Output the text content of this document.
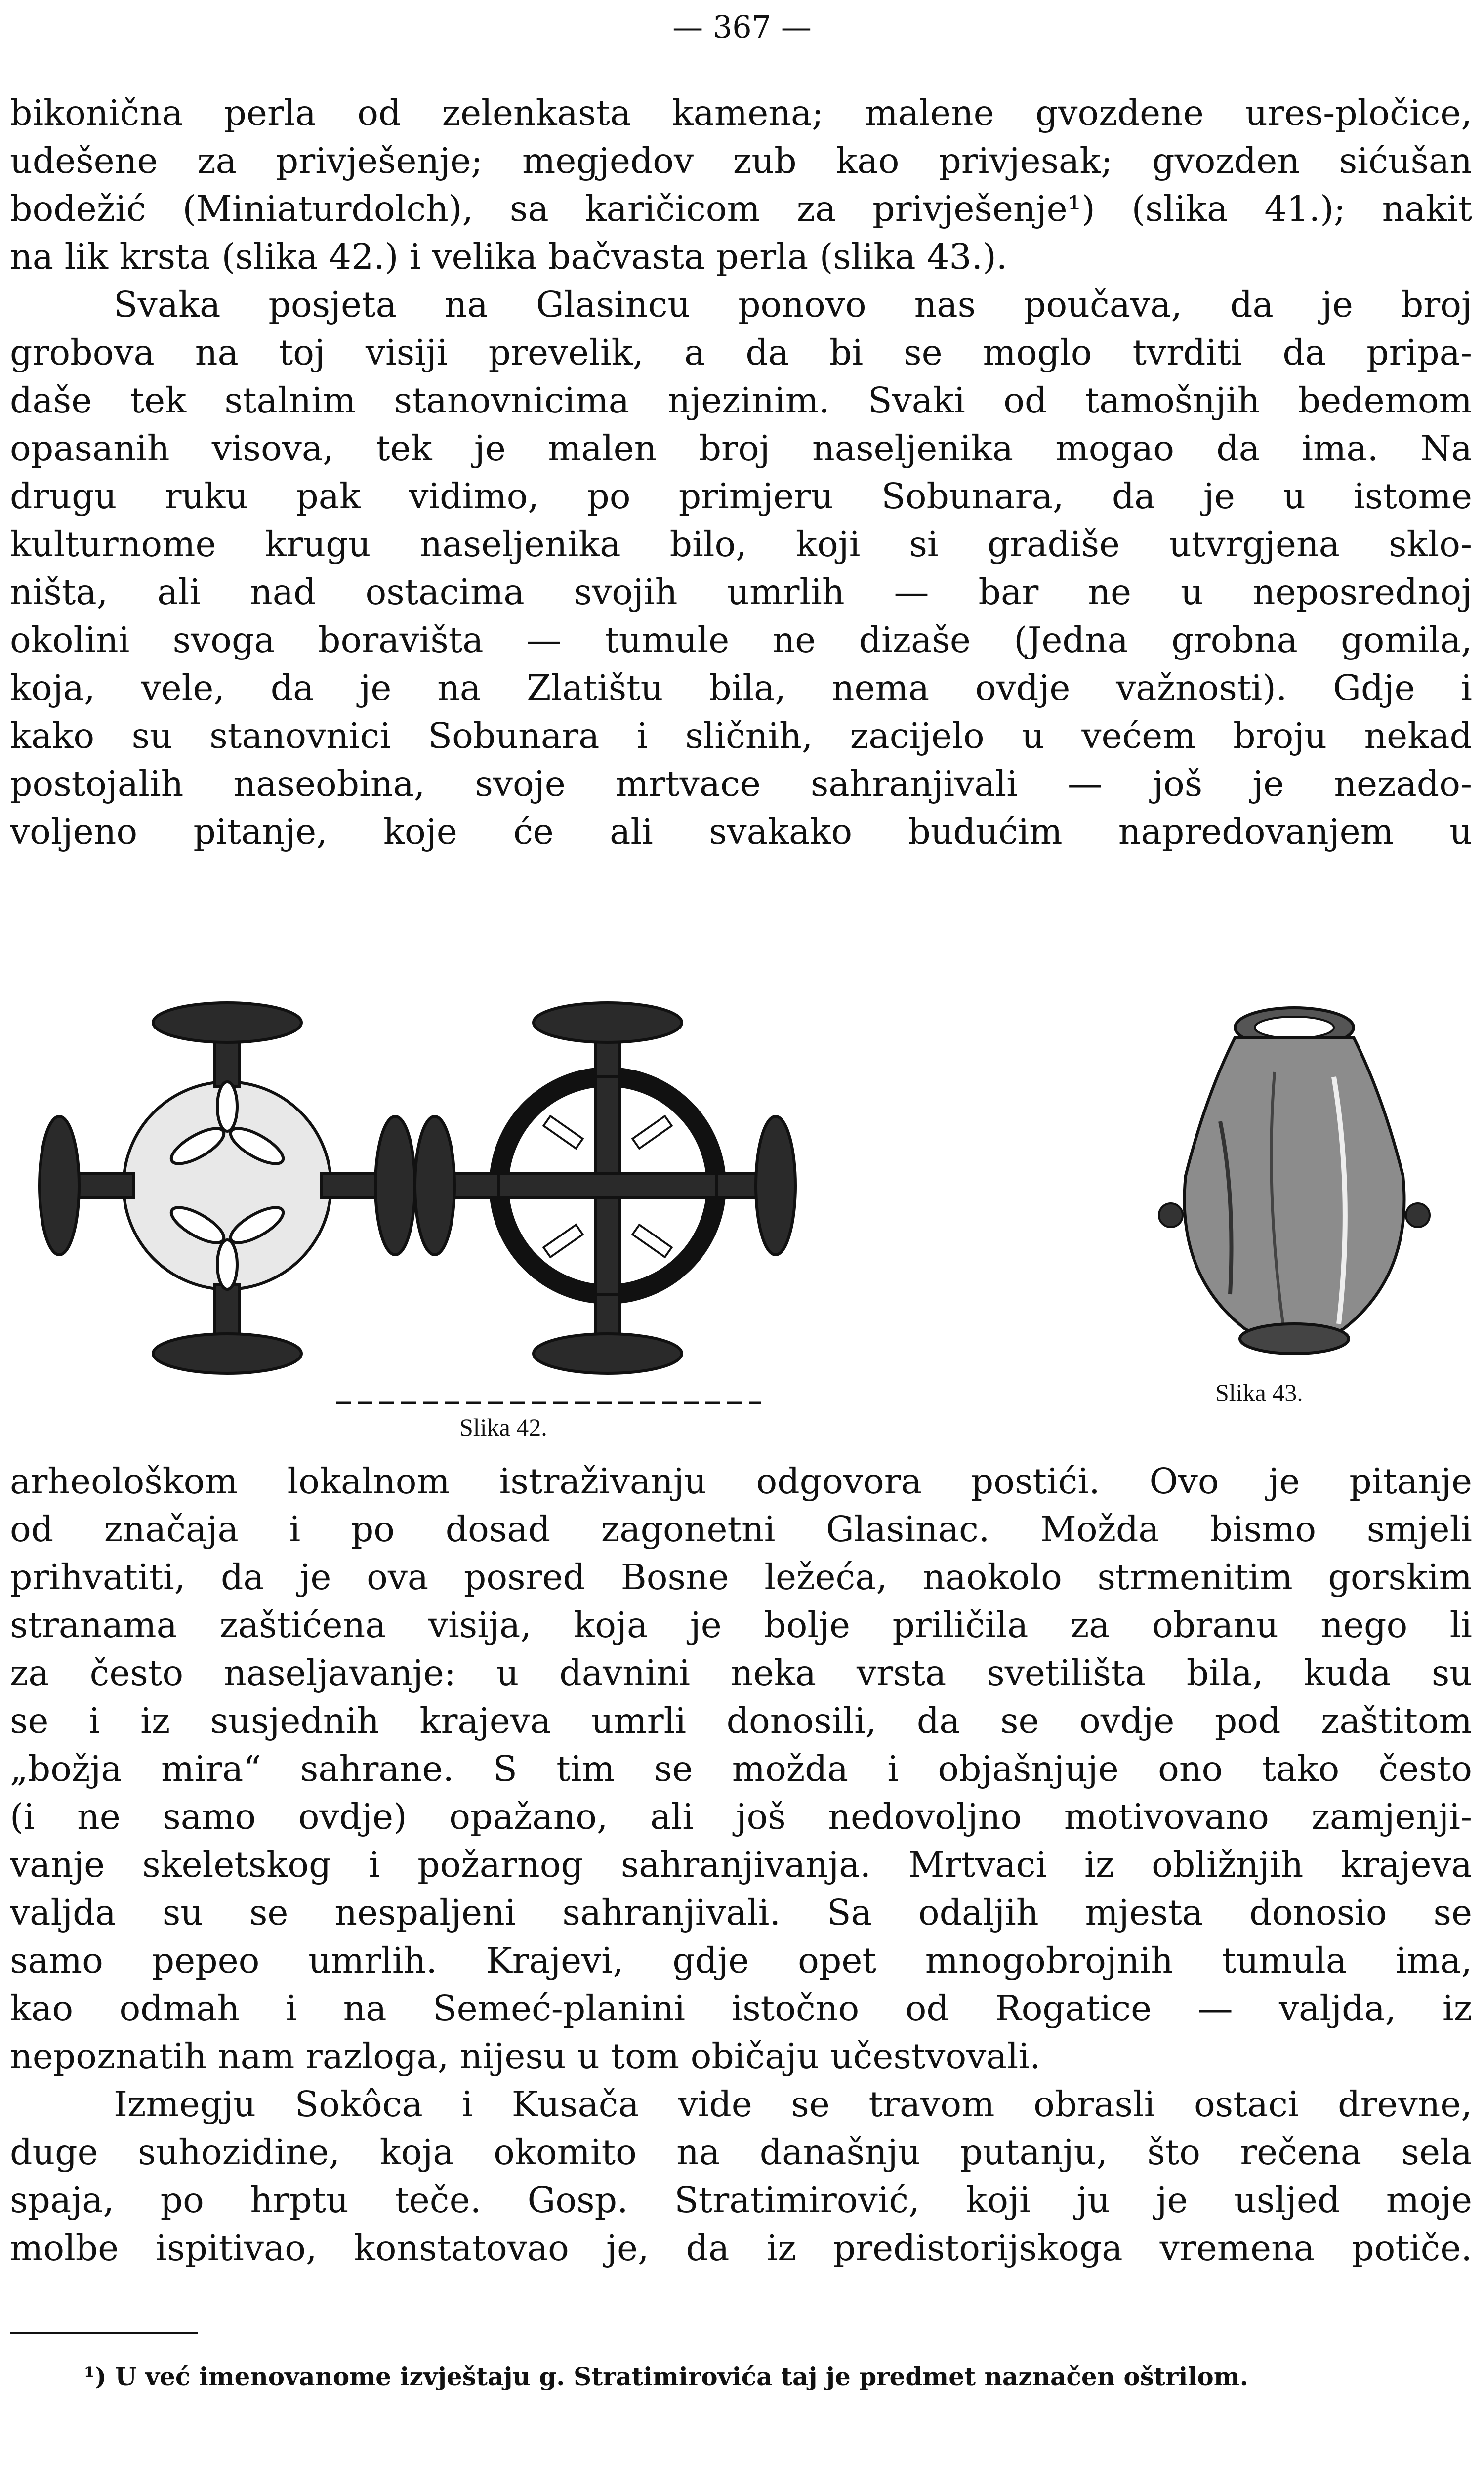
— 367 —
bikonična perla od zelenkasta kamena; malene gvozdene ures-pločice,
udešene za privješenje; megjedov zub kao privjesak; gvozden sićušan
bodežić (Miniaturdolch), sa karičicom za privješenje¹) (slika 41.); nakit
na lik krsta (slika 42.) i velika bačvasta perla (slika 43.).
Svaka posjeta na Glasincu ponovo nas poučava, da je broj
grobova na toj visiji prevelik, a da bi se moglo tvrditi da pripa-
daše tek stalnim stanovnicima njezinim. Svaki od tamošnjih bedemom
opasanih visova, tek je malen broj naseljenika mogao da ima. Na
drugu ruku pak vidimo, po primjeru Sobunara, da je u istome
kulturnome krugu naseljenika bilo, koji si gradiše utvrgjena sklo-
ništa, ali nad ostacima svojih umrlih — bar ne u neposrednoj
okolini svoga boravišta — tumule ne dizaše (Jedna grobna gomila,
koja, vele, da je na Zlatištu bila, nema ovdje važnosti). Gdje i
kako su stanovnici Sobunara i sličnih, zacijelo u većem broju nekad
postojalih naseobina, svoje mrtvace sahranjivali — još je nezado-
voljeno pitanje, koje će ali svakako budućim napredovanjem u
Slika 42.
Slika 43.
arheološkom lokalnom istraživanju odgovora postići. Ovo je pitanje
od značaja i po dosad zagonetni Glasinac. Možda bismo smjeli
prihvatiti, da je ova posred Bosne ležeća, naokolo strmenitim gorskim
stranama zaštićena visija, koja je bolje priličila za obranu nego li
za često naseljavanje: u davnini neka vrsta svetilišta bila, kuda su
se i iz susjednih krajeva umrli donosili, da se ovdje pod zaštitom
„božja mira“ sahrane. S tim se možda i objašnjuje ono tako često
(i ne samo ovdje) opažano, ali još nedovoljno motivovano zamjenji-
vanje skeletskog i požarnog sahranjivanja. Mrtvaci iz obližnjih krajeva
valjda su se nespaljeni sahranjivali. Sa odaljih mjesta donosio se
samo pepeo umrlih. Krajevi, gdje opet mnogobrojnih tumula ima,
kao odmah i na Semeć-planini istočno od Rogatice — valjda, iz
nepoznatih nam razloga, nijesu u tom običaju učestvovali.
Izmegju Sokôca i Kusača vide se travom obrasli ostaci drevne,
duge suhozidine, koja okomito na današnju putanju, što rečena sela
spaja, po hrptu teče. Gosp. Stratimirović, koji ju je usljed moje
molbe ispitivao, konstatovao je, da iz predistorijskoga vremena potiče.
¹) U već imenovanome izvještaju g. Stratimirovića taj je predmet naznačen oštrilom.
